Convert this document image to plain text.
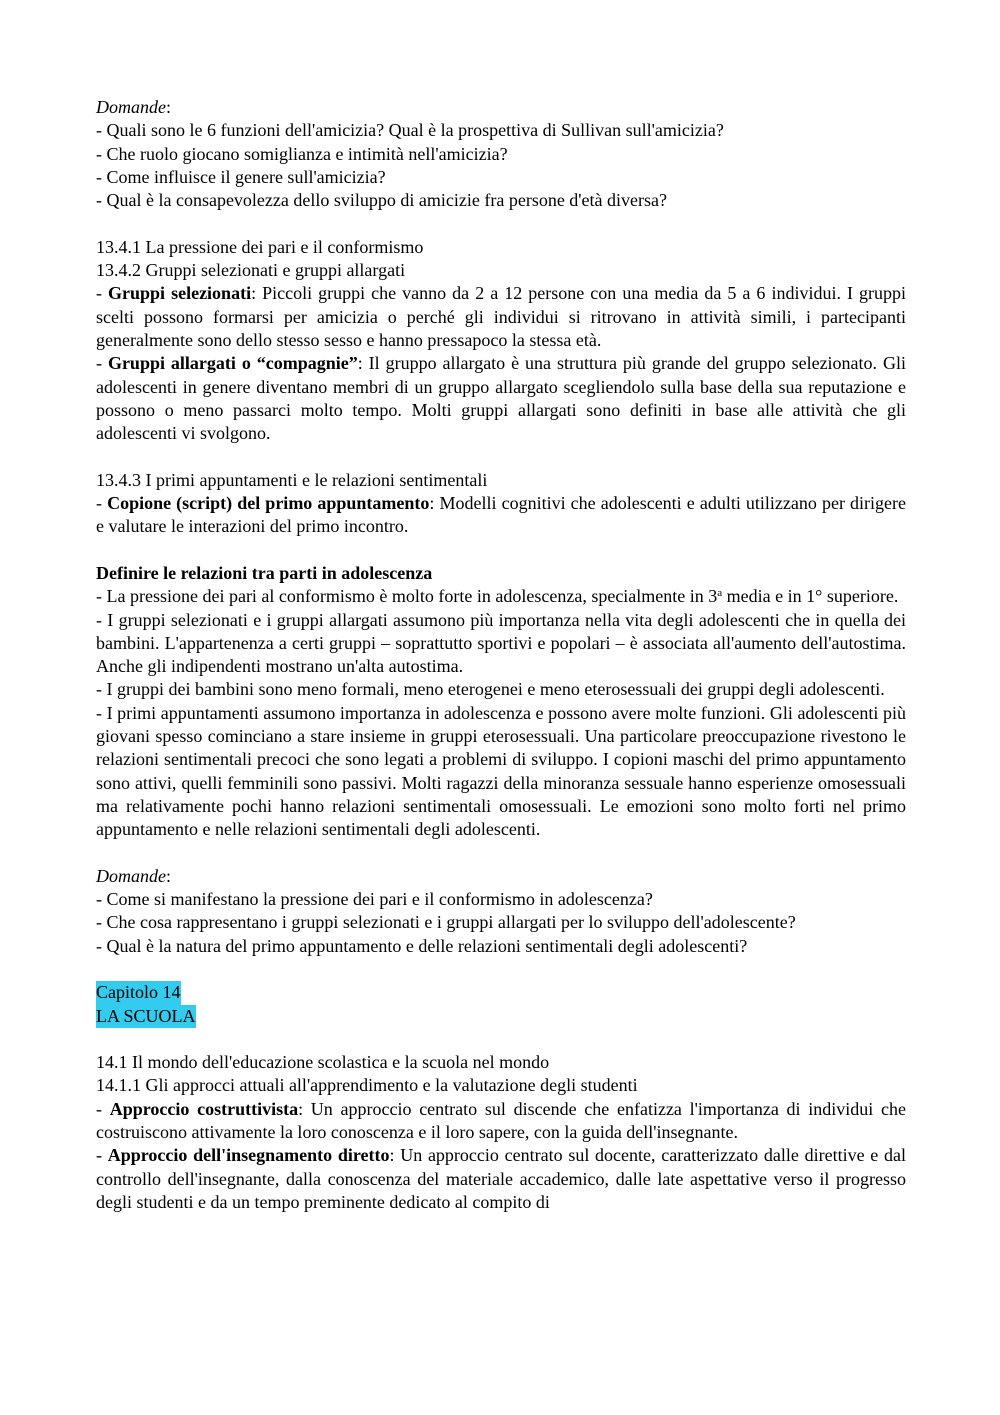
Domande:

- Quali sono le 6 funzioni dell'amicizia? Qual è la prospettiva di Sullivan sull'amicizia?

- Che ruolo giocano somiglianza e intimità nell'amicizia?

- Come influisce il genere sull'amicizia?

- Qual è la consapevolezza dello sviluppo di amicizie fra persone d'età diversa?

13.4.1 La pressione dei pari e il conformismo

13.4.2 Gruppi selezionati e gruppi allargati

- Gruppi selezionati: Piccoli gruppi che vanno da 2 a 12 persone con una media da 5 a 6 individui. I gruppi scelti possono formarsi per amicizia o perché gli individui si ritrovano in attività simili, i partecipanti generalmente sono dello stesso sesso e hanno pressapoco la stessa età.

- Gruppi allargati o “compagnie”: Il gruppo allargato è una struttura più grande del gruppo selezionato. Gli adolescenti in genere diventano membri di un gruppo allargato scegliendolo sulla base della sua reputazione e possono o meno passarci molto tempo. Molti gruppi allargati sono definiti in base alle attività che gli adolescenti vi svolgono.

13.4.3 I primi appuntamenti e le relazioni sentimentali

- Copione (script) del primo appuntamento: Modelli cognitivi che adolescenti e adulti utilizzano per dirigere e valutare le interazioni del primo incontro.

Definire le relazioni tra parti in adolescenza

- La pressione dei pari al conformismo è molto forte in adolescenza, specialmente in 3$^a$ media e in 1° superiore.

- I gruppi selezionati e i gruppi allargati assumono più importanza nella vita degli adolescenti che in quella dei bambini. L'appartenenza a certi gruppi – soprattutto sportivi e popolari – è associata all'aumento dell'autostima. Anche gli indipendenti mostrano un'alta autostima.

- I gruppi dei bambini sono meno formali, meno eterogenei e meno eterosessuali dei gruppi degli adolescenti.

- I primi appuntamenti assumono importanza in adolescenza e possono avere molte funzioni. Gli adolescenti più giovani spesso cominciano a stare insieme in gruppi eterosessuali. Una particolare preoccupazione rivestono le relazioni sentimentali precoci che sono legati a problemi di sviluppo. I copioni maschi del primo appuntamento sono attivi, quelli femminili sono passivi. Molti ragazzi della minoranza sessuale hanno esperienze omosessuali ma relativamente pochi hanno relazioni sentimentali omosessuali. Le emozioni sono molto forti nel primo appuntamento e nelle relazioni sentimentali degli adolescenti.

Domande:

- Come si manifestano la pressione dei pari e il conformismo in adolescenza?

- Che cosa rappresentano i gruppi selezionati e i gruppi allargati per lo sviluppo dell'adolescente?

- Qual è la natura del primo appuntamento e delle relazioni sentimentali degli adolescenti?

Capitolo 14

LA SCUOLA

14.1 Il mondo dell'educazione scolastica e la scuola nel mondo

14.1.1 Gli approcci attuali all'apprendimento e la valutazione degli studenti

- Approccio costruttivista: Un approccio centrato sul discende che enfatizza l'importanza di individui che costruiscono attivamente la loro conoscenza e il loro sapere, con la guida dell'insegnante.

- Approccio dell'insegnamento diretto: Un approccio centrato sul docente, caratterizzato dalle direttive e dal controllo dell'insegnante, dalla conoscenza del materiale accademico, dalle late aspettative verso il progresso degli studenti e da un tempo preminente dedicato al compito di
